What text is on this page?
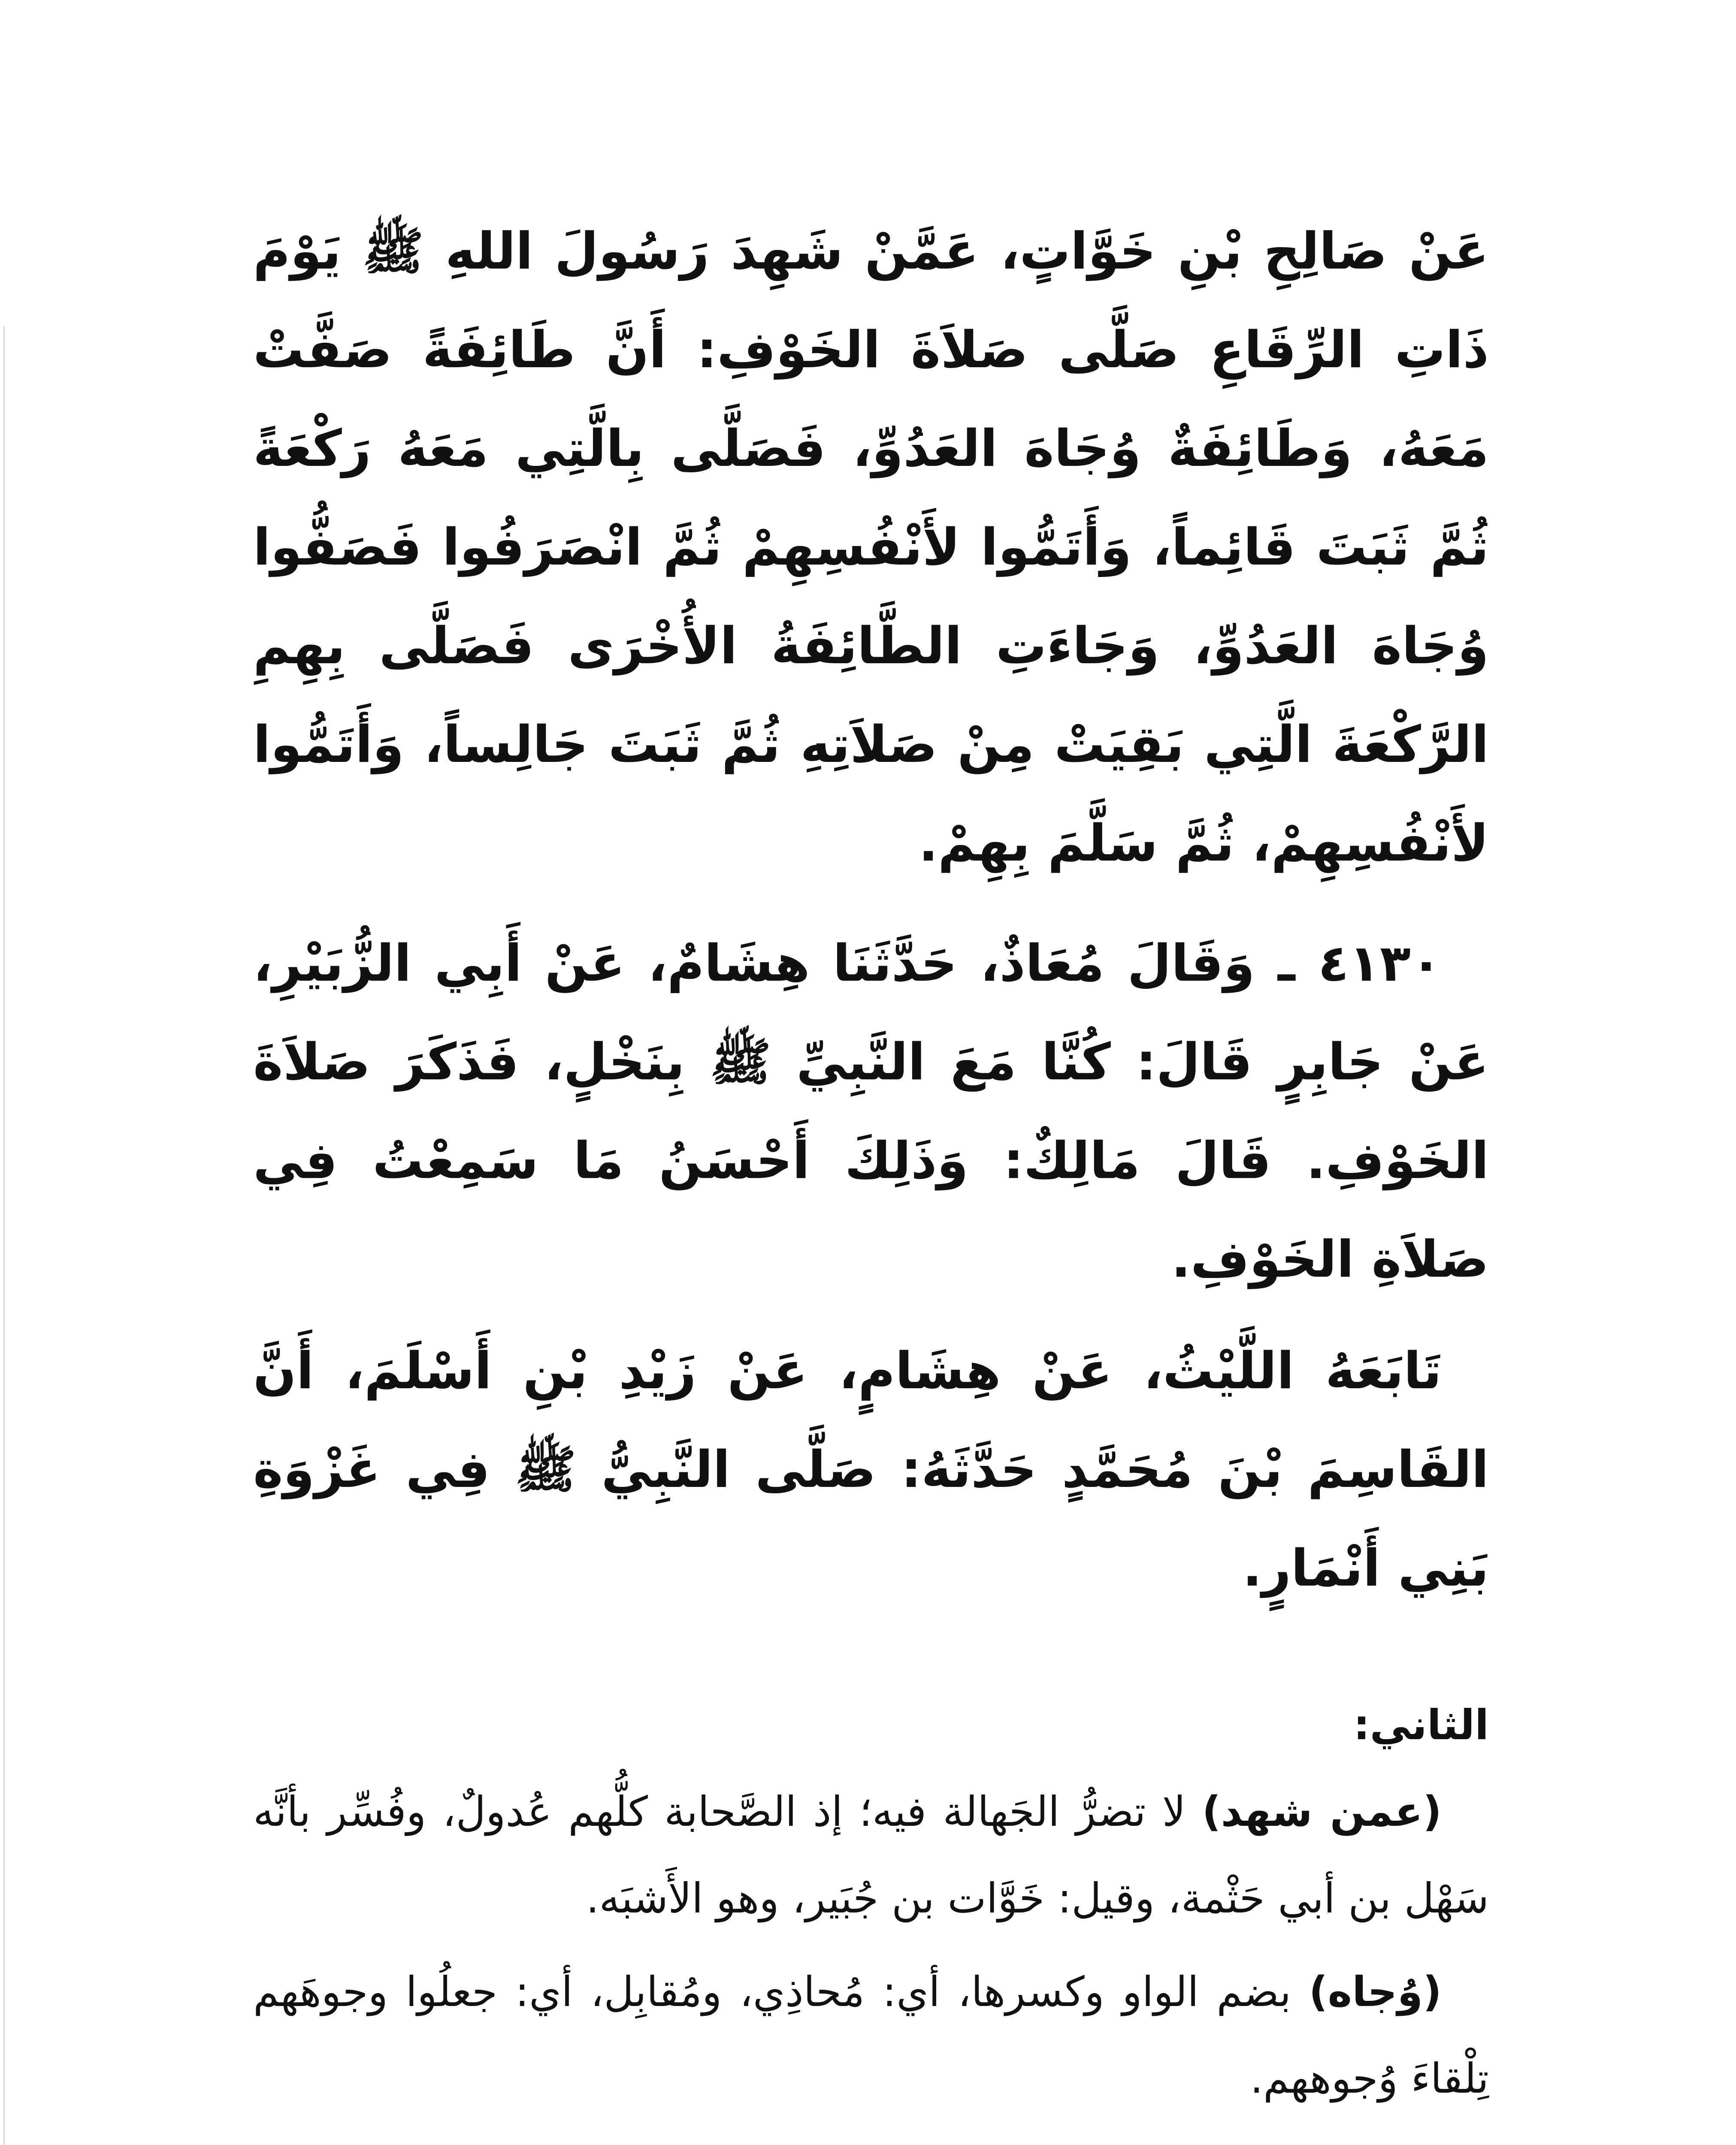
عَنْ صَالِحِ بْنِ خَوَّاتٍ، عَمَّنْ شَهِدَ رَسُولَ اللهِ ﷺ يَوْمَ ذَاتِ الرِّقَاعِ صَلَّى صَلاَةَ الخَوْفِ: أَنَّ طَائِفَةً صَفَّتْ مَعَهُ، وَطَائِفَةٌ وُجَاهَ العَدُوِّ، فَصَلَّى بِالَّتِي مَعَهُ رَكْعَةً ثُمَّ ثَبَتَ قَائِماً، وَأَتَمُّوا لأَنْفُسِهِمْ ثُمَّ انْصَرَفُوا فَصَفُّوا وُجَاهَ العَدُوِّ، وَجَاءَتِ الطَّائِفَةُ الأُخْرَى فَصَلَّى بِهِمِ الرَّكْعَةَ الَّتِي بَقِيَتْ مِنْ صَلاَتِهِ ثُمَّ ثَبَتَ جَالِساً، وَأَتَمُّوا لأَنْفُسِهِمْ، ثُمَّ سَلَّمَ بِهِمْ.

٤١٣٠ ـ وَقَالَ مُعَاذٌ، حَدَّثَنَا هِشَامٌ، عَنْ أَبِي الزُّبَيْرِ، عَنْ جَابِرٍ قَالَ: كُنَّا مَعَ النَّبِيِّ ﷺ بِنَخْلٍ، فَذَكَرَ صَلاَةَ الخَوْفِ. قَالَ مَالِكٌ: وَذَلِكَ أَحْسَنُ مَا سَمِعْتُ فِي صَلاَةِ الخَوْفِ.

تَابَعَهُ اللَّيْثُ، عَنْ هِشَامٍ، عَنْ زَيْدِ بْنِ أَسْلَمَ، أَنَّ القَاسِمَ بْنَ مُحَمَّدٍ حَدَّثَهُ: صَلَّى النَّبِيُّ ﷺ فِي غَزْوَةِ بَنِي أَنْمَارٍ.

الثاني:

(عمن شهد) لا تضرُّ الجَهالة فيه؛ إذ الصَّحابة كلُّهم عُدولٌ، وفُسِّر بأنَّه سَهْل بن أبي حَثْمة، وقيل: خَوَّات بن جُبَير، وهو الأَشبَه.

(وُجاه) بضم الواو وكسرها، أي: مُحاذِي، ومُقابِل، أي: جعلُوا وجوهَهم تِلْقاءَ وُجوههم.
